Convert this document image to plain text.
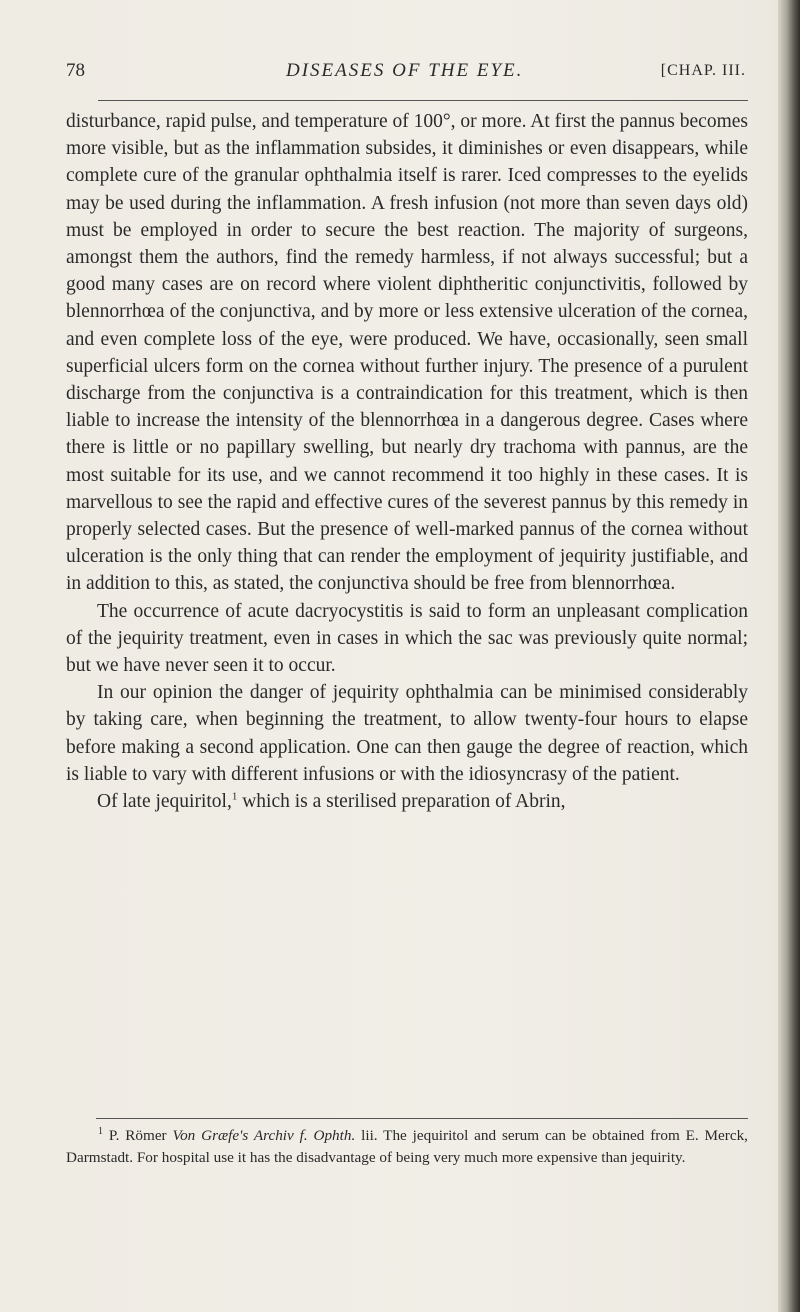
78	DISEASES OF THE EYE.	[CHAP. III.

disturbance, rapid pulse, and temperature of 100°, or more. At first the pannus becomes more visible, but as the inflammation subsides, it diminishes or even disappears, while complete cure of the granular ophthalmia itself is rarer. Iced compresses to the eyelids may be used during the inflammation. A fresh infusion (not more than seven days old) must be employed in order to secure the best reaction. The majority of surgeons, amongst them the authors, find the remedy harmless, if not always successful; but a good many cases are on record where violent diphtheritic conjunctivitis, followed by blennorrhœa of the conjunctiva, and by more or less extensive ulceration of the cornea, and even complete loss of the eye, were produced. We have, occasionally, seen small superficial ulcers form on the cornea without further injury. The presence of a purulent discharge from the conjunctiva is a contraindication for this treatment, which is then liable to increase the intensity of the blennorrhœa in a dangerous degree. Cases where there is little or no papillary swelling, but nearly dry trachoma with pannus, are the most suitable for its use, and we cannot recommend it too highly in these cases. It is marvellous to see the rapid and effective cures of the severest pannus by this remedy in properly selected cases. But the presence of well-marked pannus of the cornea without ulceration is the only thing that can render the employment of jequirity justifiable, and in addition to this, as stated, the conjunctiva should be free from blennorrhœa.

The occurrence of acute dacryocystitis is said to form an unpleasant complication of the jequirity treatment, even in cases in which the sac was previously quite normal; but we have never seen it to occur.

In our opinion the danger of jequirity ophthalmia can be minimised considerably by taking care, when beginning the treatment, to allow twenty-four hours to elapse before making a second application. One can then gauge the degree of reaction, which is liable to vary with different infusions or with the idiosyncrasy of the patient.

Of late jequiritol,$^1$ which is a sterilised preparation of Abrin,

$^1$ P. Römer Von Græfe's Archiv f. Ophth. lii. The jequiritol and serum can be obtained from E. Merck, Darmstadt. For hospital use it has the disadvantage of being very much more expensive than jequirity.
